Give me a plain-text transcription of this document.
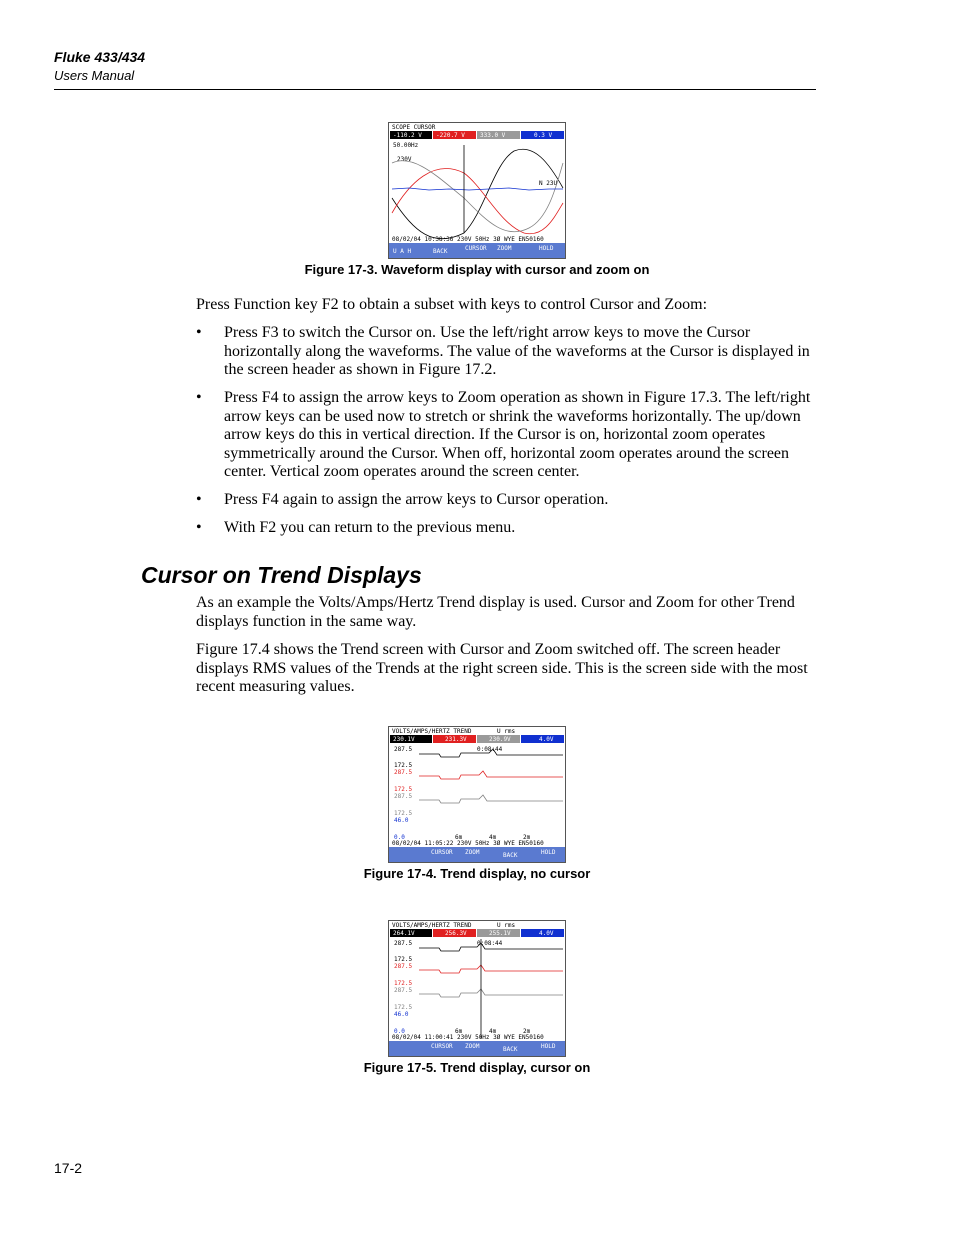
Fluke 433/434
Users Manual
SCOPE CURSOR
-110.2 V -220.7 V	333.0 V	0.3 V
50.00Hz
230V
N 23U
08/02/04 10:38:36 230V 50Hz 3Ø WYE EN50160
U A H	BACK	CURSOR ZOOM	HOLD
Figure 17-3. Waveform display with cursor and zoom on
Press Function key F2 to obtain a subset with keys to control Cursor and Zoom:
• Press F3 to switch the Cursor on. Use the left/right arrow keys to move the Cursor horizontally along the waveforms. The value of the waveforms at the Cursor is displayed in the screen header as shown in Figure 17.2.
• Press F4 to assign the arrow keys to Zoom operation as shown in Figure 17.3. The left/right arrow keys can be used now to stretch or shrink the waveforms horizontally. The up/down arrow keys do this in vertical direction. If the Cursor is on, horizontal zoom operates symmetrically around the Cursor. When off, horizontal zoom operates around the screen center. Vertical zoom operates around the screen center.
• Press F4 again to assign the arrow keys to Cursor operation.
• With F2 you can return to the previous menu.
Cursor on Trend Displays
As an example the Volts/Amps/Hertz Trend display is used. Cursor and Zoom for other Trend displays function in the same way.
Figure 17.4 shows the Trend screen with Cursor and Zoom switched off. The screen header displays RMS values of the Trends at the right screen side. This is the screen side with the most recent measuring values.
VOLTS/AMPS/HERTZ TREND	U rms
230.1V	231.3V	230.9V	4.0V
0:08:44
287.5
172.5
287.5
172.5
287.5
172.5
46.0
0.0	6m	4m	2m
08/02/04 11:05:22 230V 50Hz 3Ø WYE EN50160
CURSOR ZOOM	BACK	HOLD
Figure 17-4. Trend display, no cursor
VOLTS/AMPS/HERTZ TREND	U rms
264.1V	256.3V	255.1V	4.0V
0:08:44
287.5
172.5
287.5
172.5
287.5
172.5
46.0
0.0	6m	4m	2m
08/02/04 11:00:41 230V 50Hz 3Ø WYE EN50160
CURSOR ZOOM	BACK	HOLD
Figure 17-5. Trend display, cursor on
17-2
